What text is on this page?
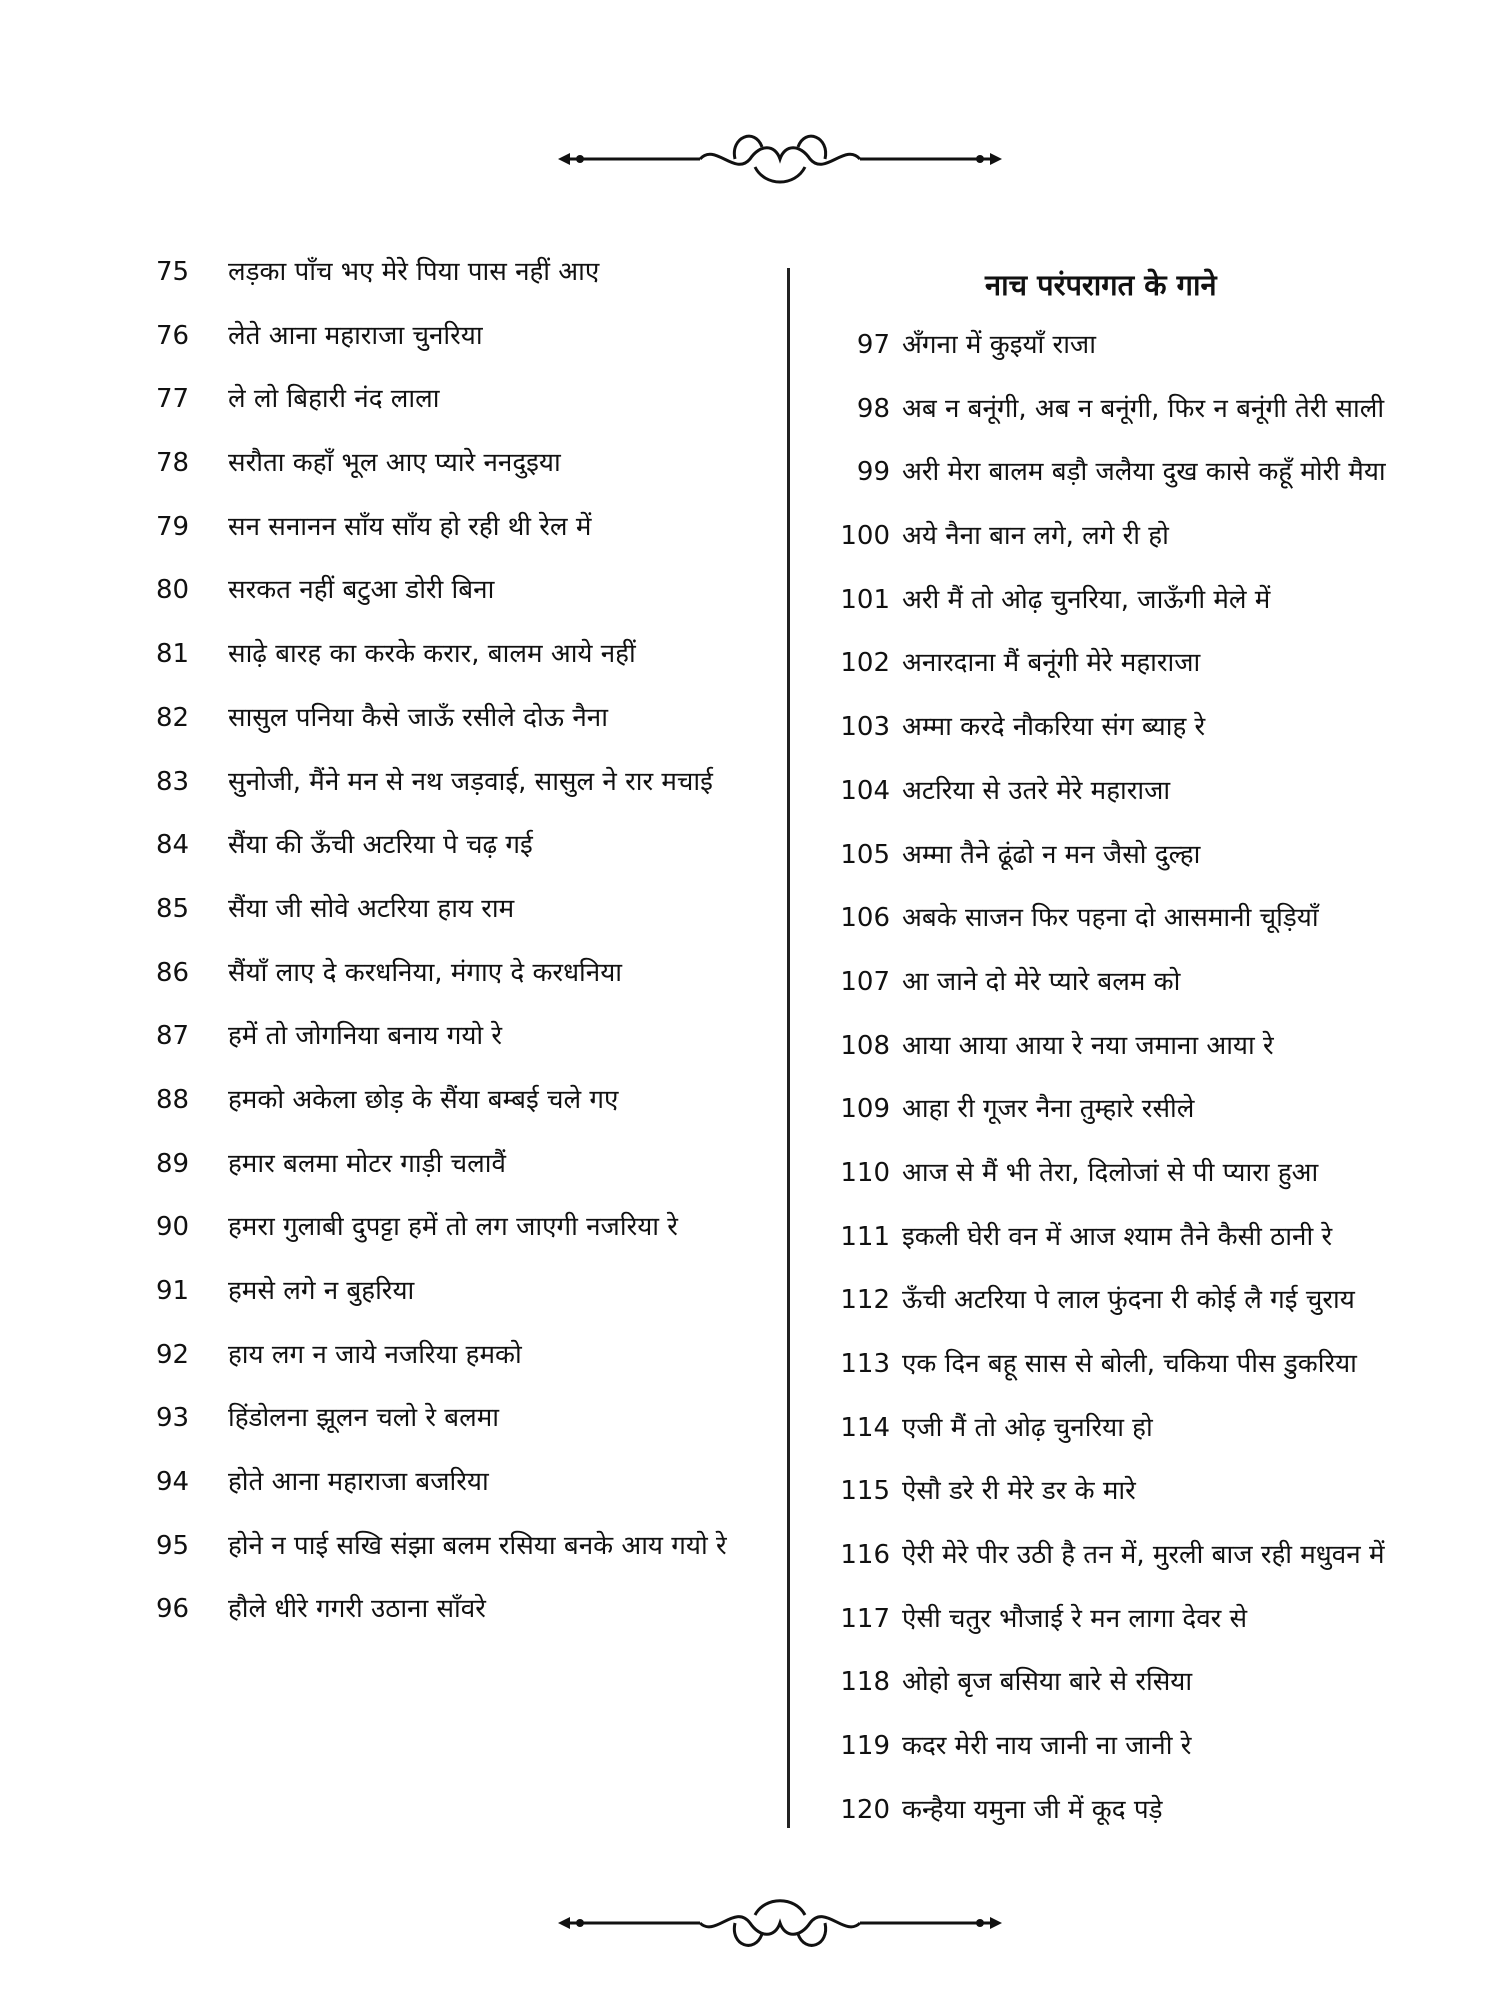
नाच परंपरागत के गाने
75	लड़का पाँच भए मेरे पिया पास नहीं आए
76	लेते आना महाराजा चुनरिया
77	ले लो बिहारी नंद लाला
78	सरौता कहाँ भूल आए प्यारे ननदुइया
79	सन सनानन साँय साँय हो रही थी रेल में
80	सरकत नहीं बटुआ डोरी बिना
81	साढ़े बारह का करके करार, बालम आये नहीं
82	सासुल पनिया कैसे जाऊँ रसीले दोऊ नैना
83	सुनोजी, मैंने मन से नथ जड़वाई, सासुल ने रार मचाई
84	सैंया की ऊँची अटरिया पे चढ़ गई
85	सैंया जी सोवे अटरिया हाय राम
86	सैंयाँ लाए दे करधनिया, मंगाए दे करधनिया
87	हमें तो जोगनिया बनाय गयो रे
88	हमको अकेला छोड़ के सैंया बम्बई चले गए
89	हमार बलमा मोटर गाड़ी चलावैं
90	हमरा गुलाबी दुपट्टा हमें तो लग जाएगी नजरिया रे
91	हमसे लगे न बुहरिया
92	हाय लग न जाये नजरिया हमको
93	हिंडोलना झूलन चलो रे बलमा
94	होते आना महाराजा बजरिया
95	होने न पाई सखि संझा बलम रसिया बनके आय गयो रे
96	हौले धीरे गगरी उठाना साँवरे
97 अँगना में कुइयाँ राजा
98 अब न बनूंगी, अब न बनूंगी, फिर न बनूंगी तेरी साली
99 अरी मेरा बालम बड़ौ जलैया दुख कासे कहूँ मोरी मैया
100 अये नैना बान लगे, लगे री हो
101 अरी मैं तो ओढ़ चुनरिया, जाऊँगी मेले में
102 अनारदाना मैं बनूंगी मेरे महाराजा
103 अम्मा करदे नौकरिया संग ब्याह रे
104 अटरिया से उतरे मेरे महाराजा
105 अम्मा तैने ढूंढो न मन जैसो दुल्हा
106 अबके साजन फिर पहना दो आसमानी चूड़ियाँ
107 आ जाने दो मेरे प्यारे बलम को
108 आया आया आया रे नया जमाना आया रे
109 आहा री गूजर नैना तुम्हारे रसीले
110 आज से मैं भी तेरा, दिलोजां से पी प्यारा हुआ
111 इकली घेरी वन में आज श्याम तैने कैसी ठानी रे
112 ऊँची अटरिया पे लाल फुंदना री कोई लै गई चुराय
113 एक दिन बहू सास से बोली, चकिया पीस डुकरिया
114 एजी मैं तो ओढ़ चुनरिया हो
115 ऐसौ डरे री मेरे डर के मारे
116 ऐरी मेरे पीर उठी है तन में, मुरली बाज रही मधुवन में
117 ऐसी चतुर भौजाई रे मन लागा देवर से
118 ओहो बृज बसिया बारे से रसिया
119 कदर मेरी नाय जानी ना जानी रे
120 कन्हैया यमुना जी में कूद पड़े
